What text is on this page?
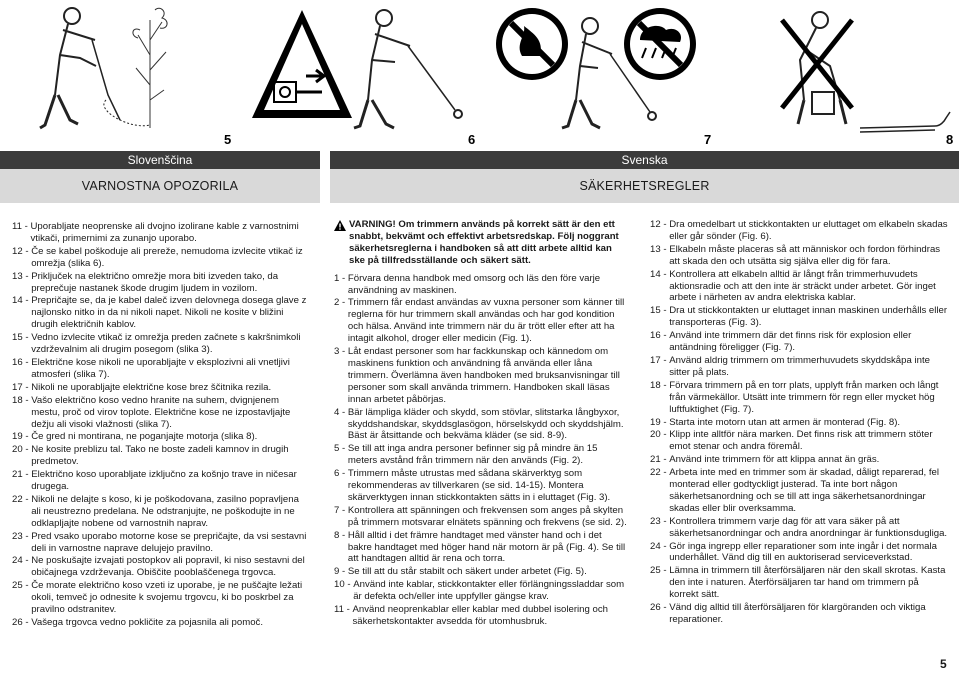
6	7	8
5
Slovenščina	Svenska
VARNOSTNA OPOZORILA	SÄKERHETSREGLER
11 - Uporabljate neoprenske ali dvojno izolirane kable z varnostnimi vtikači, primernimi za zunanjo uporabo.
12 - Če se kabel poškoduje ali prereže, nemudoma izvlecite vtikač iz omrežja (slika 6).
13 - Priključek na električno omrežje mora biti izveden tako, da preprečuje nastanek škode drugim ljudem in vozilom.
14 - Prepričajte se, da je kabel daleč izven delovnega dosega glave z najlonsko nitko in da ni nikoli napet. Nikoli ne kosite v bližini drugih električnih kablov.
15 - Vedno izvlecite vtikač iz omrežja preden začnete s kakršnimkoli vzdrževalnim ali drugim posegom (slika 3).
16 - Električne kose nikoli ne uporabljajte v eksplozivni ali vnetljivi atmosferi (slika 7).
17 - Nikoli ne uporabljajte električne kose brez ščitnika rezila.
18 - Vašo električno koso vedno hranite na suhem, dvignjenem mestu, proč od virov toplote. Električne kose ne izpostavljajte dežju ali visoki vlažnosti (slika 7).
19 - Če gred ni montirana, ne poganjajte motorja (slika 8).
20 - Ne kosite preblizu tal. Tako ne boste zadeli kamnov in drugih predmetov.
21 - Električno koso uporabljate izključno za košnjo trave in ničesar drugega.
22 - Nikoli ne delajte s koso, ki je poškodovana, zasilno popravljena ali neustrezno predelana. Ne odstranjujte, ne poškodujte in ne odklapljajte nobene od varnostnih naprav.
23 - Pred vsako uporabo motorne kose se prepričajte, da vsi sestavni deli in varnostne naprave delujejo pravilno.
24 - Ne poskušajte izvajati postopkov ali popravil, ki niso sestavni del običajnega vzdrževanja. Obiščite pooblaščenega trgovca.
25 - Če morate električno koso vzeti iz uporabe, je ne puščajte ležati okoli, temveč jo odnesite k svojemu trgovcu, ki bo poskrbel za pravilno odstranitev.
26 - Vašega trgovca vedno pokličite za pojasnila ali pomoč.
VARNING! Om trimmern används på korrekt sätt är den ett snabbt, bekvämt och effektivt arbetsredskap. Följ noggrant säkerhetsreglerna i handboken så att ditt arbete alltid kan ske på tillfredsställande och säkert sätt.
1 - Förvara denna handbok med omsorg och läs den före varje användning av maskinen.
2 - Trimmern får endast användas av vuxna personer som känner till reglerna för hur trimmern skall användas och har god kondition och hälsa. Använd inte trimmern när du är trött eller efter att ha intagit alkohol, droger eller medicin (Fig. 1).
3 - Låt endast personer som har fackkunskap och kännedom om maskinens funktion och användning få använda eller låna trimmern. Överlämna även handboken med bruksanvisningar till personer som skall använda trimmern. Handboken skall läsas innan arbetet påbörjas.
4 - Bär lämpliga kläder och skydd, som stövlar, slitstarka långbyxor, skyddshandskar, skyddsglasögon, hörselskydd och skyddshjälm. Bäst är åtsittande och bekväma kläder (se sid. 8-9).
5 - Se till att inga andra personer befinner sig på mindre än 15 meters avstånd från trimmern när den används (Fig. 2).
6 - Trimmern måste utrustas med sådana skärverktyg som rekommenderas av tillverkaren (se sid. 14-15). Montera skärverktygen innan stickkontakten sätts in i eluttaget (Fig. 3).
7 - Kontrollera att spänningen och frekvensen som anges på skylten på trimmern motsvarar elnätets spänning och frekvens (se sid. 2).
8 - Håll alltid i det främre handtaget med vänster hand och i det bakre handtaget med höger hand när motorn är på (Fig. 4). Se till att handtagen alltid är rena och torra.
9 - Se till att du står stabilt och säkert under arbetet (Fig. 5).
10 - Använd inte kablar, stickkontakter eller förlängningssladdar som är defekta och/eller inte uppfyller gängse krav.
11 - Använd neoprenkablar eller kablar med dubbel isolering och säkerhetskontakter avsedda för utomhusbruk.
12 - Dra omedelbart ut stickkontakten ur eluttaget om elkabeln skadas eller går sönder (Fig. 6).
13 - Elkabeln måste placeras så att människor och fordon förhindras att skada den och utsätta sig själva eller dig för fara.
14 - Kontrollera att elkabeln alltid är långt från trimmerhuvudets aktionsradie och att den inte är sträckt under arbetet. Gör inget arbete i närheten av andra elektriska kablar.
15 - Dra ut stickkontakten ur eluttaget innan maskinen underhålls eller transporteras (Fig. 3).
16 - Använd inte trimmern där det finns risk för explosion eller antändning föreligger (Fig. 7).
17 - Använd aldrig trimmern om trimmerhuvudets skyddskåpa inte sitter på plats.
18 - Förvara trimmern på en torr plats, upplyft från marken och långt från värmekällor. Utsätt inte trimmern för regn eller mycket hög luftfuktighet (Fig. 7).
19 - Starta inte motorn utan att armen är monterad (Fig. 8).
20 - Klipp inte alltför nära marken. Det finns risk att trimmern stöter emot stenar och andra föremål.
21 - Använd inte trimmern för att klippa annat än gräs.
22 - Arbeta inte med en trimmer som är skadad, dåligt reparerad, fel monterad eller godtyckligt justerad. Ta inte bort någon säkerhetsanordning och se till att inga säkerhetsanordningar skadas eller blir overksamma.
23 - Kontrollera trimmern varje dag för att vara säker på att säkerhetsanordningar och andra anordningar är funktionsdugliga.
24 - Gör inga ingrepp eller reparationer som inte ingår i det normala underhållet. Vänd dig till en auktoriserad serviceverkstad.
25 - Lämna in trimmern till återförsäljaren när den skall skrotas. Kasta den inte i naturen. Återförsäljaren tar hand om trimmern på korrekt sätt.
26 - Vänd dig alltid till återförsäljaren för klargöranden och viktiga reparationer.
5
